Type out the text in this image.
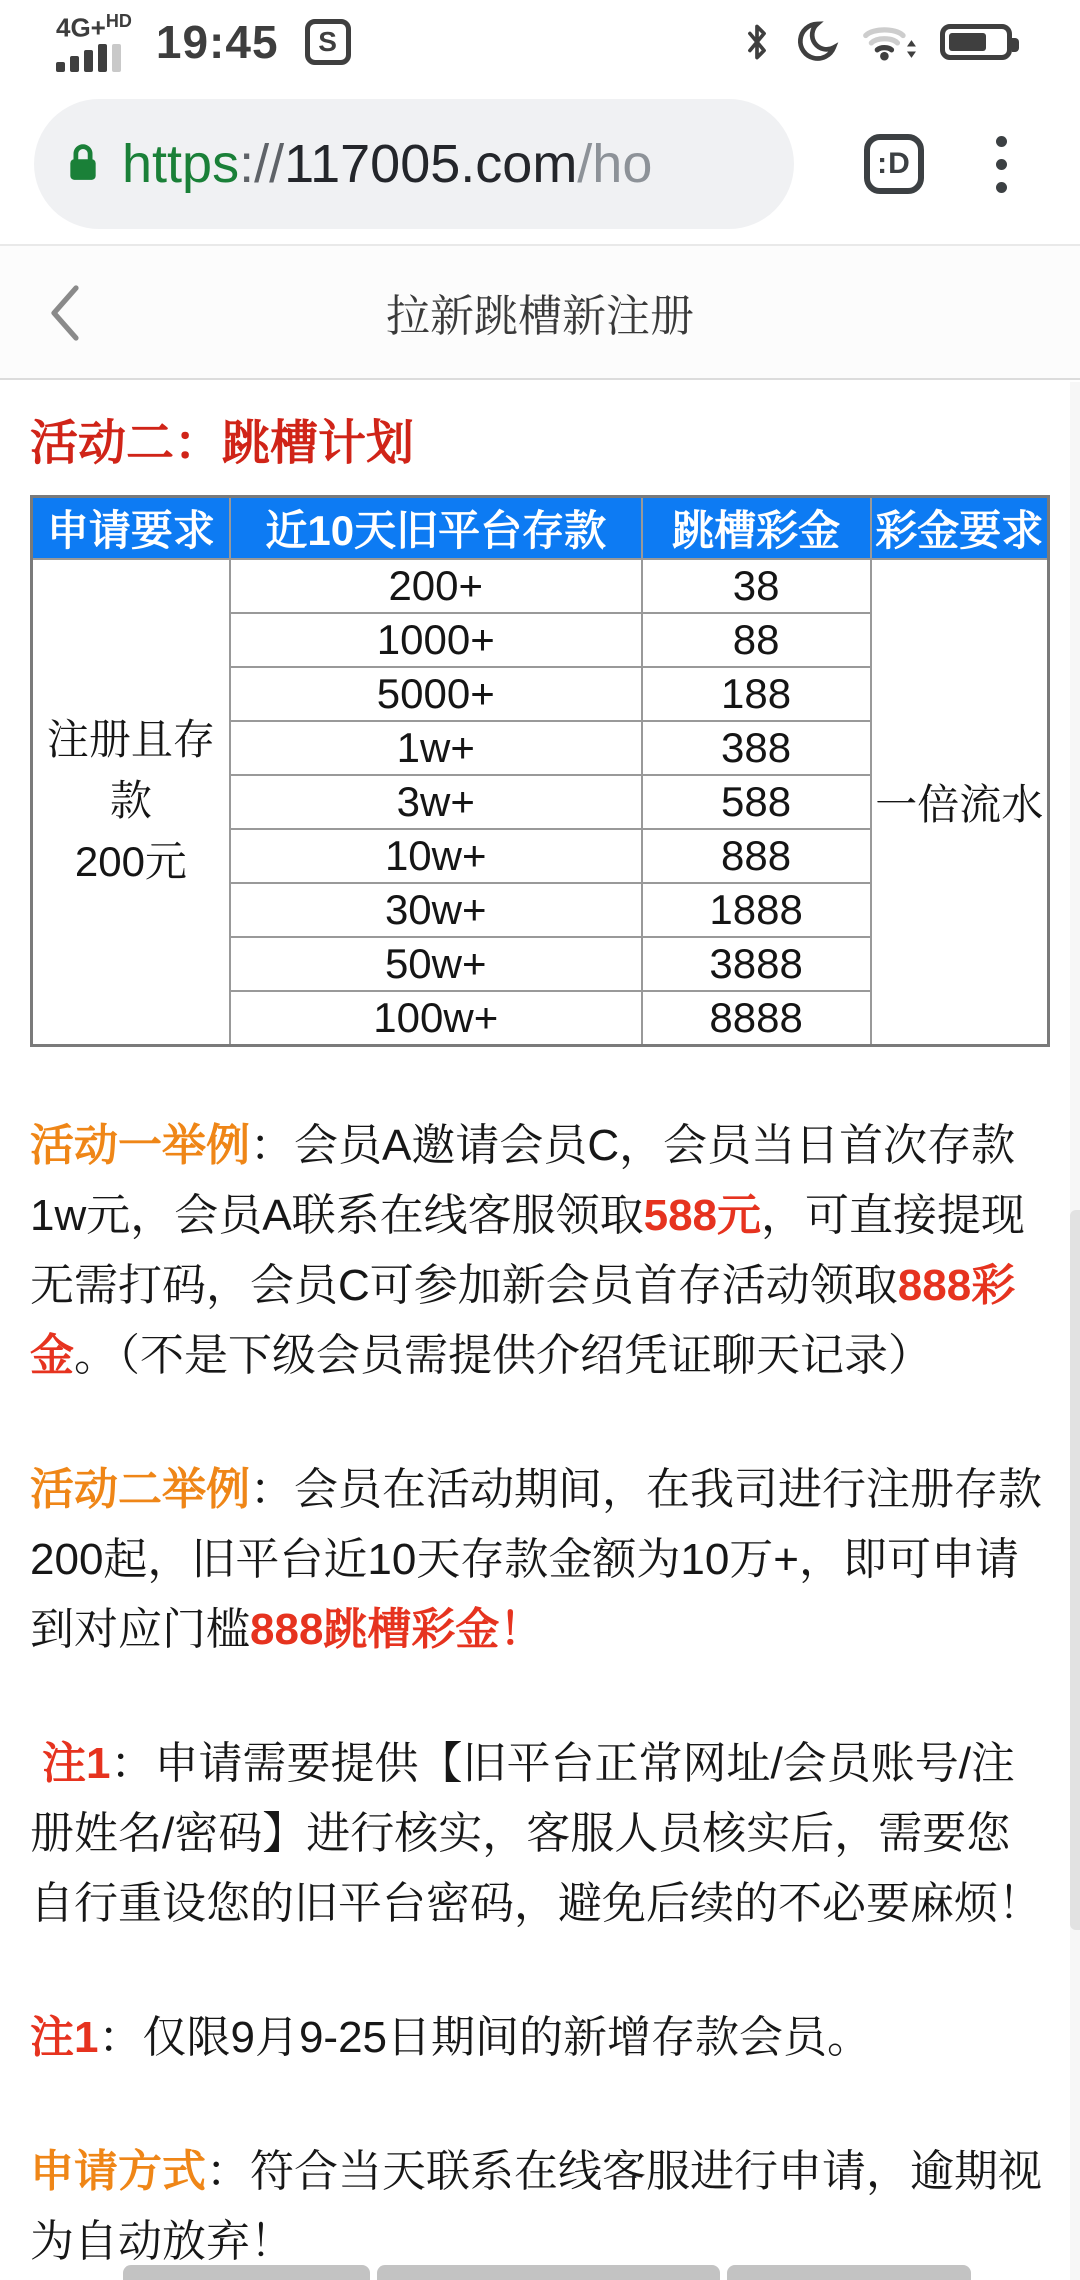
4G+$^{HD}$ 19:45	S
https://117005.com/ho	:D
拉新跳槽新注册
活动二：跳槽计划
申请要求	近10天旧平台存款	跳槽彩金	彩金要求

注册且存款
200元	200+	38	一倍流水
	1000+	88	
	5000+	188	
	1w+	388	
	3w+	588	
	10w+	888	
	30w+	1888	
	50w+	3888	
	100w+	8888	

活动一举例：会员A邀请会员C，会员当日首次存款1w元，会员A联系在线客服领取588元，可直接提现无需打码，会员C可参加新会员首存活动领取888彩金。（不是下级会员需提供介绍凭证聊天记录）

活动二举例：会员在活动期间，在我司进行注册存款200起，旧平台近10天存款金额为10万+，即可申请到对应门槛888跳槽彩金！

注1：申请需要提供【旧平台正常网址/会员账号/注册姓名/密码】进行核实，客服人员核实后，需要您自行重设您的旧平台密码，避免后续的不必要麻烦！

注1：仅限9月9-25日期间的新增存款会员。

申请方式：符合当天联系在线客服进行申请，逾期视为自动放弃！
